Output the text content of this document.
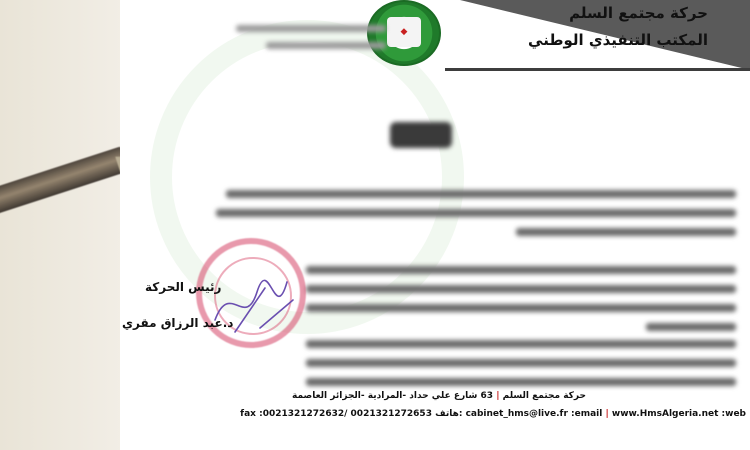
◆
حركة مجتمع السلم
المكتب التنفيذي الوطني
رئيس الحركة
د.عبد الرزاق مقري
حركة مجتمع السلم | 63 شارع علي حداد -المرادية -الجزائر العاصمة
fax :0021321272632/ 0021321272653 هاتف: cabinet_hms@live.fr :email | www.HmsAlgeria.net :web
